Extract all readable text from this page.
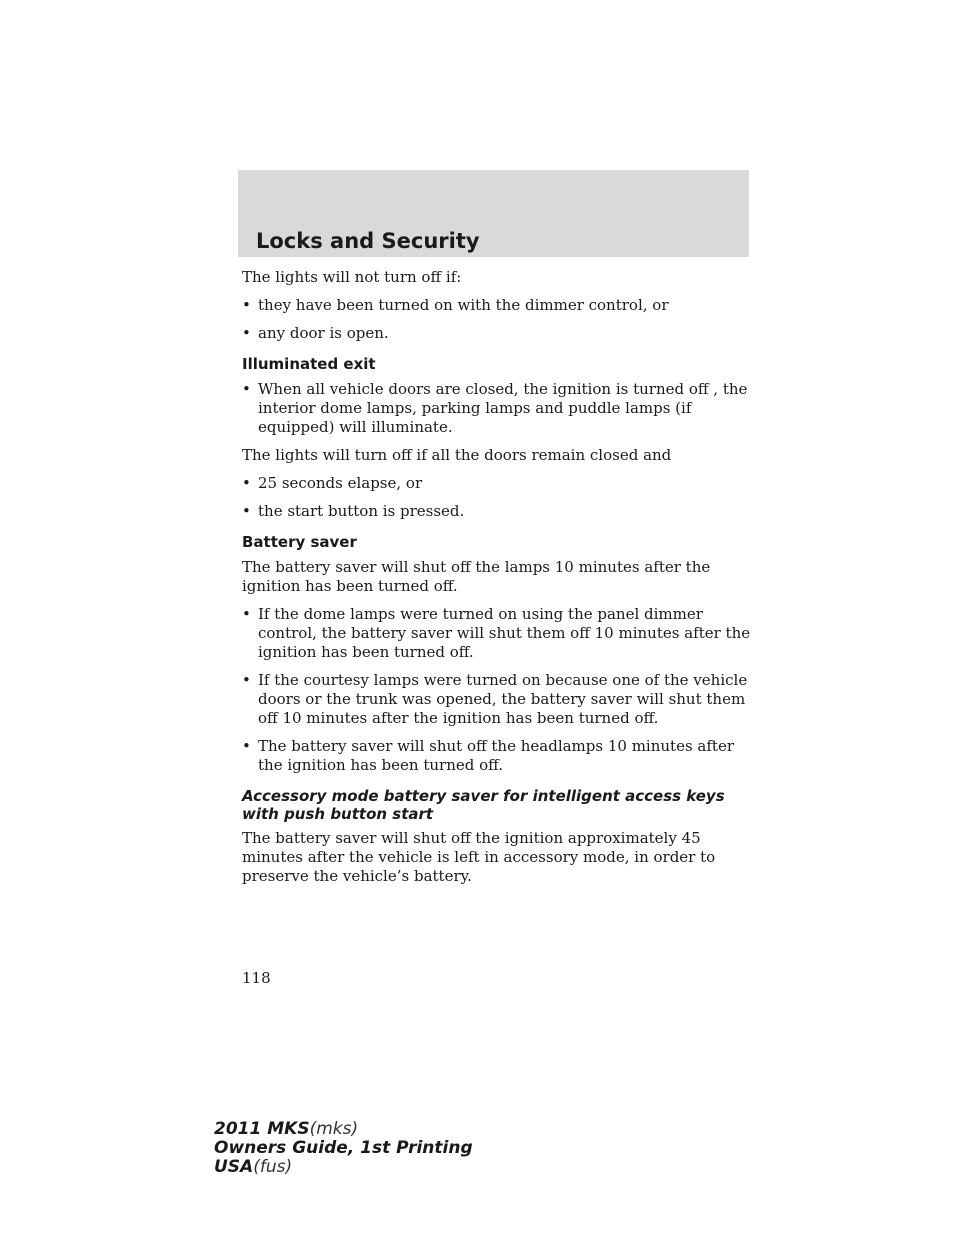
Locks and Security

The lights will not turn off if:

• they have been turned on with the dimmer control, or
• any door is open.

Illuminated exit

• When all vehicle doors are closed, the ignition is turned off , the interior dome lamps, parking lamps and puddle lamps (if equipped) will illuminate.

The lights will turn off if all the doors remain closed and

• 25 seconds elapse, or
• the start button is pressed.

Battery saver

The battery saver will shut off the lamps 10 minutes after the ignition has been turned off.

• If the dome lamps were turned on using the panel dimmer control, the battery saver will shut them off 10 minutes after the ignition has been turned off.
• If the courtesy lamps were turned on because one of the vehicle doors or the trunk was opened, the battery saver will shut them off 10 minutes after the ignition has been turned off.
• The battery saver will shut off the headlamps 10 minutes after the ignition has been turned off.

Accessory mode battery saver for intelligent access keys with push button start

The battery saver will shut off the ignition approximately 45 minutes after the vehicle is left in accessory mode, in order to preserve the vehicle’s battery.

118
2011 MKS(mks)
Owners Guide, 1st Printing
USA(fus)
